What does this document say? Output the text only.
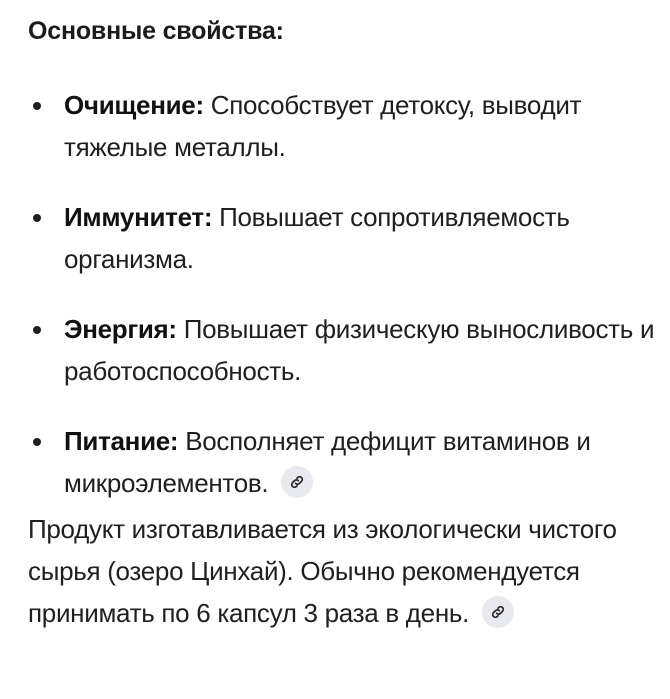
Основные свойства:
Очищение: Способствует детоксу, выводит тяжелые металлы.
Иммунитет: Повышает сопротивляемость организма.
Энергия: Повышает физическую выносливость и работоспособность.
Питание: Восполняет дефицит витаминов и микроэлементов.

Продукт изготавливается из экологически чистого сырья (озеро Цинхай). Обычно рекомендуется принимать по 6 капсул 3 раза в день.
